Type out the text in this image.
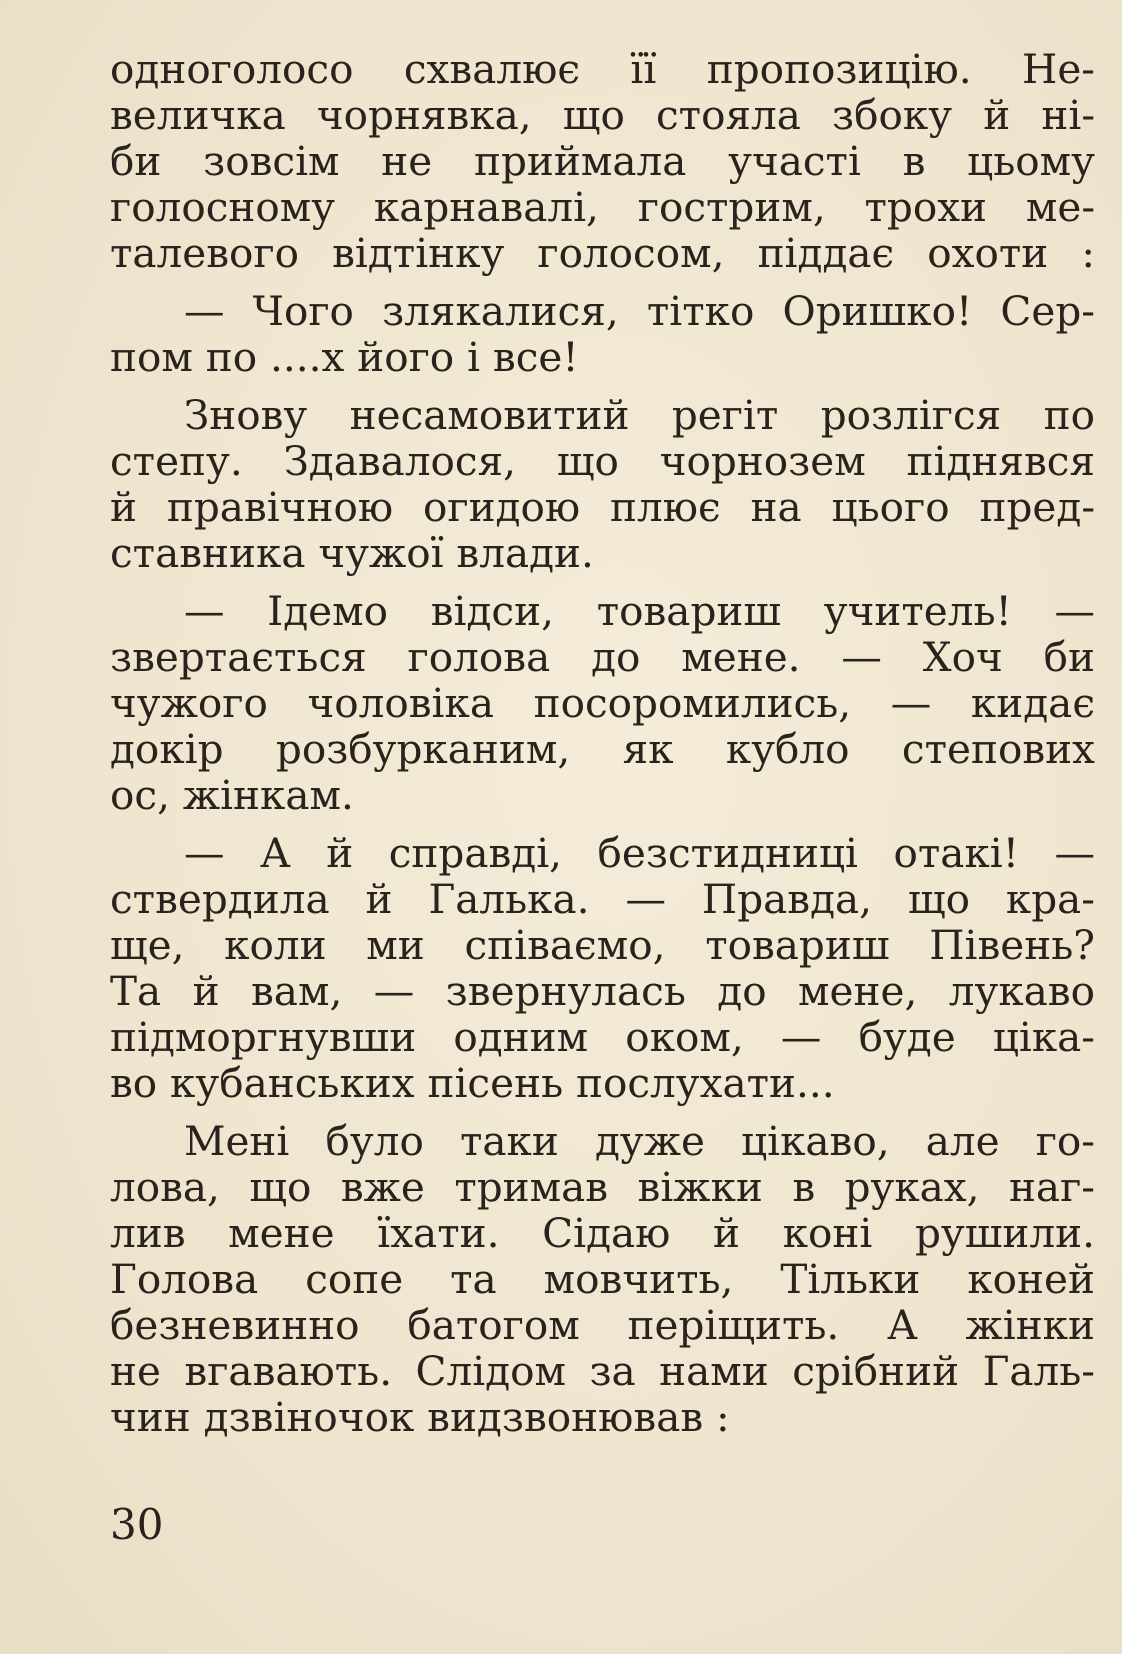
одноголосо схвалює її пропозицію. Не-
величка чорнявка, що стояла збоку й ні-
би зовсім не приймала участі в цьому
голосному карнавалі, гострим, трохи ме-
талевого відтінку голосом, піддає охоти :
— Чого злякалися, тітко Оришко! Сер-
пом по ....х його і все!
Знову несамовитий регіт розлігся по
степу. Здавалося, що чорнозем піднявся
й правічною огидою плює на цього пред-
ставника чужої влади.
— Ідемо відси, товариш учитель! —
звертається голова до мене. — Хоч би
чужого чоловіка посоромились, — кидає
докір розбурканим, як кубло степових
ос, жінкам.
— А й справді, безстидниці отакі! —
ствердила й Галька. — Правда, що кра-
ще, коли ми співаємо, товариш Півень?
Та й вам, — звернулась до мене, лукаво
підморгнувши одним оком, — буде ціка-
во кубанських пісень послухати...
Мені було таки дуже цікаво, але го-
лова, що вже тримав віжки в руках, наг-
лив мене їхати. Сідаю й коні рушили.
Голова сопе та мовчить, Тільки коней
безневинно батогом періщить. А жінки
не вгавають. Слідом за нами срібний Галь-
чин дзвіночок видзвонював :
30
